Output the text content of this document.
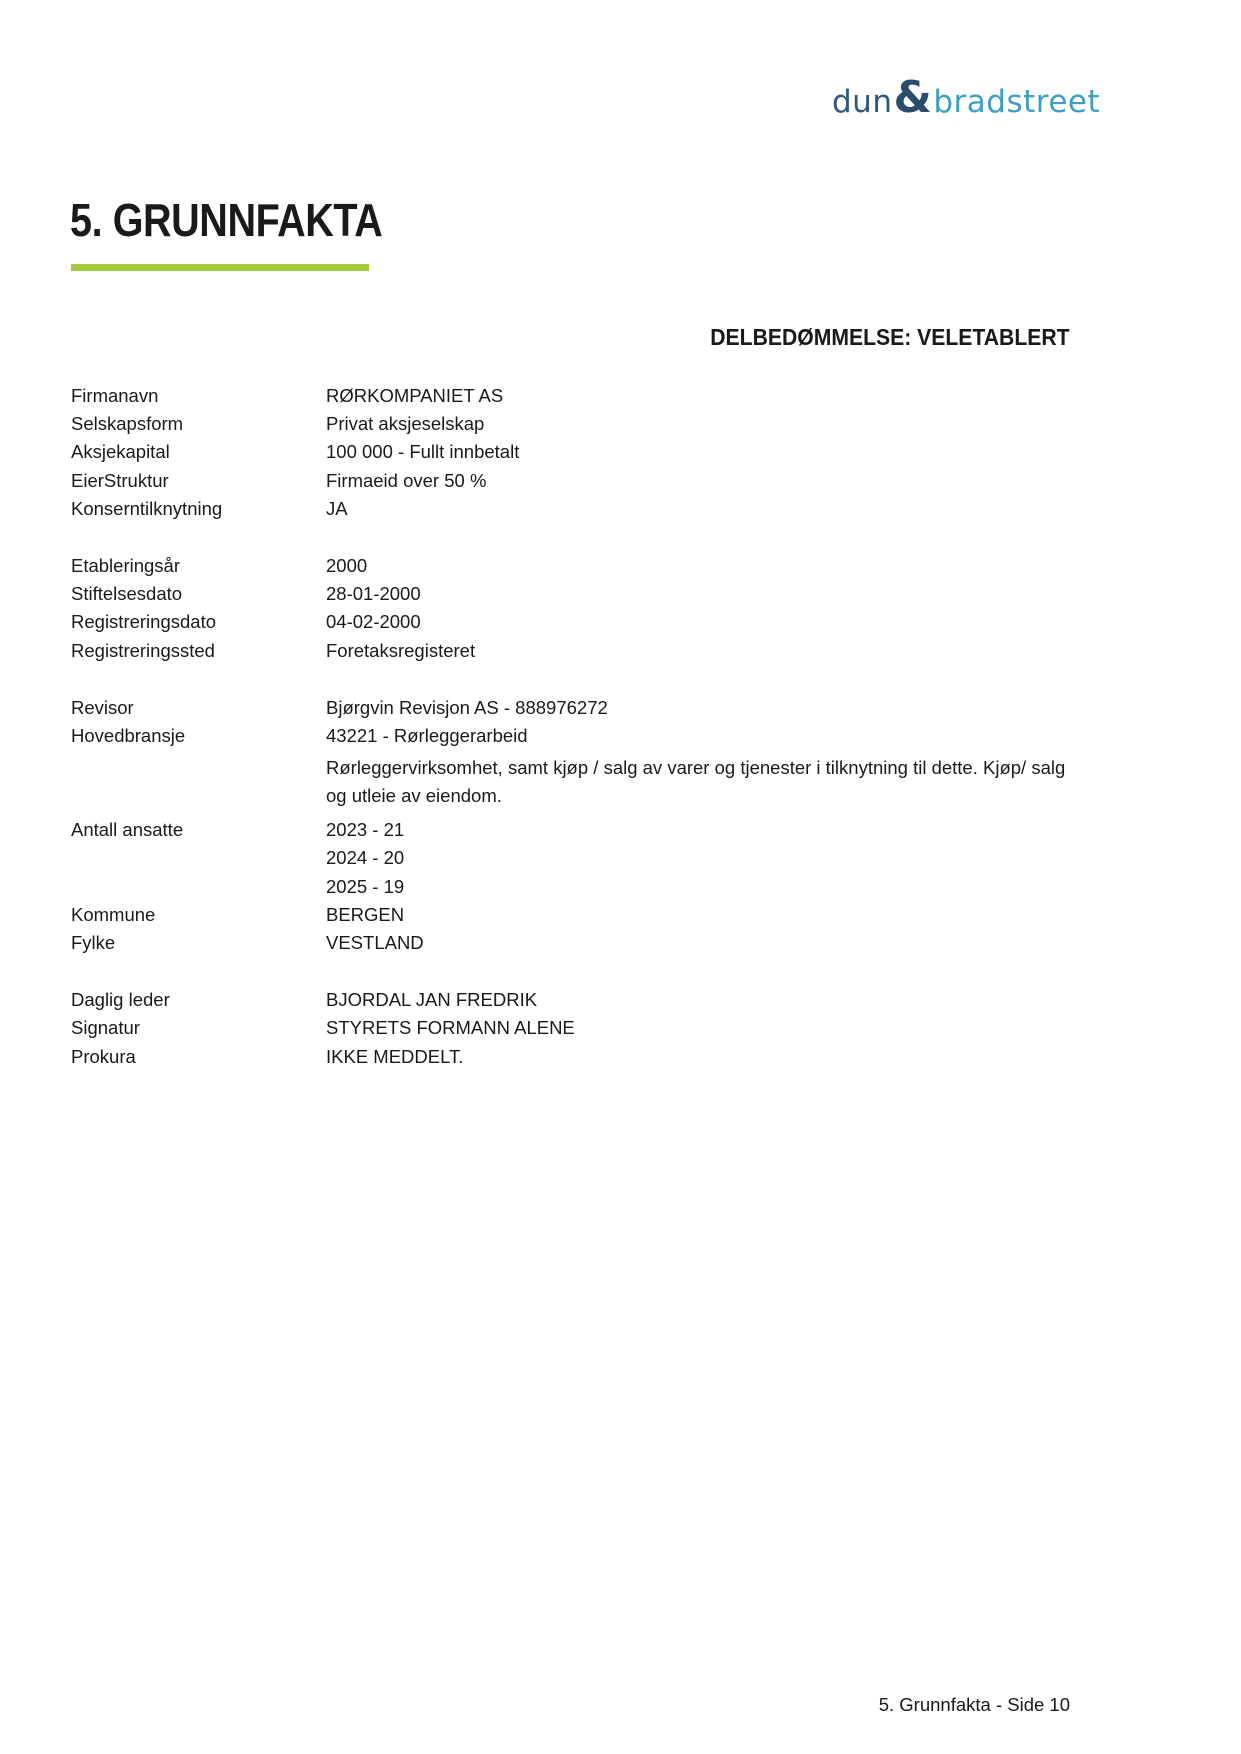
dun & bradstreet
5. GRUNNFAKTA
DELBEDØMMELSE: VELETABLERT
Firmanavn	RØRKOMPANIET AS
Selskapsform	Privat aksjeselskap
Aksjekapital	100 000 - Fullt innbetalt
EierStruktur	Firmaeid over 50 %
Konserntilknytning	JA
Etableringsår	2000
Stiftelsesdato	28-01-2000
Registreringsdato	04-02-2000
Registreringssted	Foretaksregisteret
Revisor	Bjørgvin Revisjon AS - 888976272
Hovedbransje	43221 - Rørleggerarbeid
Rørleggervirksomhet, samt kjøp / salg av varer og tjenester i tilknytning til dette. Kjøp/ salg og utleie av eiendom.
Antall ansatte	2023 - 21
2024 - 20
2025 - 19
Kommune	BERGEN
Fylke	VESTLAND
Daglig leder	BJORDAL JAN FREDRIK
Signatur	STYRETS FORMANN ALENE
Prokura	IKKE MEDDELT.
5. Grunnfakta - Side 10
